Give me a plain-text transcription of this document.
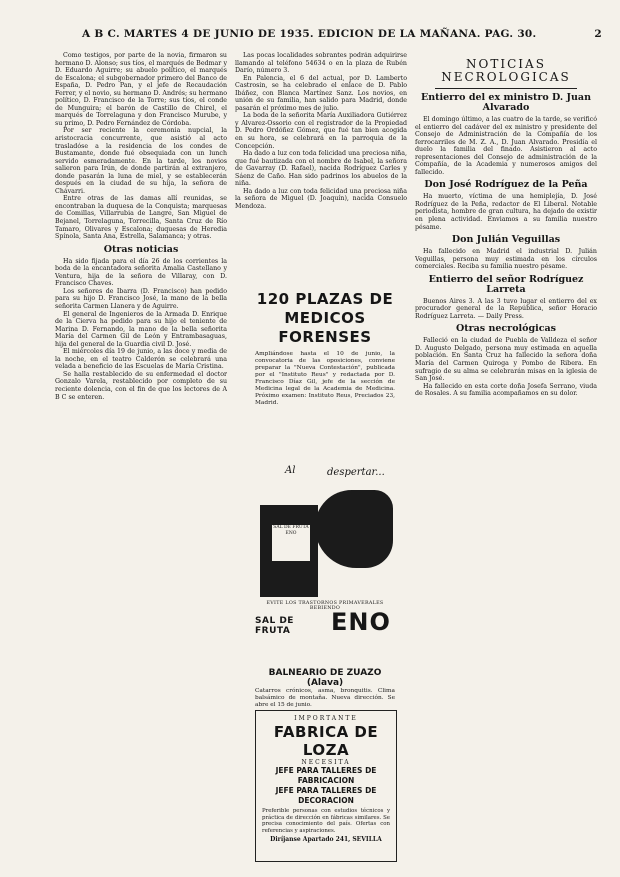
A B C. MARTES 4 DE JUNIO DE 1935. EDICION DE LA MAÑANA. PAG. 30.	2

Como testigos, por parte de la novia, firmaron su hermano D. Alonso; sus tíos, el marqués de Bedmar y D. Eduardo Aguirre; su abuelo político, el marqués de Escalona; el subgobernador primero del Banco de España, D. Pedro Pan, y el jefe de Recaudación Ferrer, y el novio, su hermano D. Andrés; su hermano político, D. Francisco de la Torre; sus tíos, el conde de Munguira; el barón de Castillo de Chirel, el marqués de Torrelaguna y don Francisco Murube, y su primo, D. Pedro Fernández de Córdoba.

Por ser reciente la ceremonia nupcial, la aristocracia concurrente, que asistió al acto trasladóse a la residencia de los condes de Bustamante, donde fué obsequiada con un lunch servido esmeradamente. En la tarde, los novios salieron para Irún, de donde partirán al extranjero, donde pasarán la luna de miel, y se establecerán después en la ciudad de su hija, la señora de Chávarri.

Entre otras de las damas allí reunidas, se encontraban la duquesa de la Conquista; marquesas de Comillas, Villarrubia de Langre, San Miguel de Bejanel, Torrelaguna, Torrecilla, Santa Cruz de Río Tamaro, Olivares y Escalona; duquesas de Heredia Spínola, Santa Ana, Estrella, Salamanca; y otras.

Otras noticias

Ha sido fijada para el día 26 de los corrientes la boda de la encantadora señorita Amalia Castellano y Ventura, hija de la señora de Villaray, con D. Francisco Chaves.

Los señores de Ibarra (D. Francisco) han pedido para su hijo D. Francisco José, la mano de la bella señorita Carmen Llanera y de Aguirre.

El general de Ingenieros de la Armada D. Enrique de la Cierva ha pedido para su hijo el teniente de Marina D. Fernando, la mano de la bella señorita María del Carmen Gil de León y Entrambasaguas, hija del general de la Guardia civil D. José.

El miércoles día 19 de junio, a las doce y media de la noche, en el teatro Calderón se celebrará una velada a beneficio de las Escuelas de María Cristina.

Se halla restablecido de su enfermedad el doctor Gonzalo Varela, restablecido por completo de su reciente dolencia, con el fin de que los lectores de A B C se enteren.

Las pocas localidades sobrantes podrán adquirirse llamando al teléfono 54634 o en la plaza de Rubén Darío, número 3.

En Palencia, el 6 del actual, por D. Lamberto Castrosin, se ha celebrado el enlace de D. Pablo Ibáñez, con Blanca Martínez Sanz. Los novios, en unión de su familia, han salido para Madrid, donde pasarán el próximo mes de julio.

La boda de la señorita María Auxiliadora Gutiérrez y Alvarez-Ossorio con el registrador de la Propiedad D. Pedro Ordóñez Gómez, que fué tan bien acogida en su hora, se celebrará en la parroquia de la Concepción.

Ha dado a luz con toda felicidad una preciosa niña, que fué bautizada con el nombre de Isabel, la señora de Gavarray (D. Rafael), nacida Rodríguez Carles y Sáenz de Caño. Han sido padrinos los abuelos de la niña.

Ha dado a luz con toda felicidad una preciosa niña la señora de Miguel (D. Joaquín), nacida Consuelo Mendoza.

120 PLAZAS DE MEDICOS FORENSES
Ampliándose hasta el 10 de junio, la convocatoria de las oposiciones, conviene preparar la "Nueva Contestación", publicada por el "Instituto Reus" y redactada por D. Francisco Díaz Gil, jefe de la sección de Medicina legal de la Academia de Medicina. Próximo examen: Instituto Reus, Preciados 23, Madrid.
Al	despertar...
SAL DE FRUTA ENO
EVITE LOS TRASTORNOS PRIMAVERALES BEBIENDO
SAL DE FRUTA	ENO
BALNEARIO DE ZUAZO (Alava)
Catarros crónicos, asma, bronquitis. Clima balsámico de montaña. Nueva dirección. Se abre el 15 de junio.
IMPORTANTE
FABRICA DE LOZA
NECESITA
JEFE PARA TALLERES DE FABRICACION
JEFE PARA TALLERES DE DECORACION
Preferible personas con estudios técnicos y práctica de dirección en fábricas similares. Se precisa conocimiento del país. Ofertas con referencias y aspiraciones.
Diríjanse Apartado 241, SEVILLA
NOTICIAS NECROLOGICAS
Entierro del ex ministro D. Juan Alvarado

El domingo último, a las cuatro de la tarde, se verificó el entierro del cadáver del ex ministro y presidente del Consejo de Administración de la Compañía de los ferrocarriles de M. Z. A., D. Juan Alvarado. Presidía el duelo la familia del finado. Asistieron al acto representaciones del Consejo de administración de la Compañía, de la Academia y numerosos amigos del fallecido.

Don José Rodríguez de la Peña

Ha muerto, víctima de una hemiplejía, D. José Rodríguez de la Peña, redactor de El Liberal. Notable periodista, hombre de gran cultura, ha dejado de existir en plena actividad. Enviamos a su familia nuestro pésame.

Don Julián Veguillas

Ha fallecido en Madrid el industrial D. Julián Veguillas, persona muy estimada en los círculos comerciales. Reciba su familia nuestro pésame.

Entierro del señor Rodríguez Larreta

Buenos Aires 3. A las 3 tuvo lugar el entierro del ex procurador general de la República, señor Horacio Rodríguez Larreta. — Daily Press.

Otras necrológicas

Falleció en la ciudad de Puebla de Valldeza el señor D. Augusto Delgado, persona muy estimada en aquella población. En Santa Cruz ha fallecido la señora doña María del Carmen Quiroga y Pombo de Ribera. En sufragio de su alma se celebrarán misas en la iglesia de San José.

Ha fallecido en esta corte doña Josefa Serrano, viuda de Rosales. A su familia acompañamos en su dolor.
